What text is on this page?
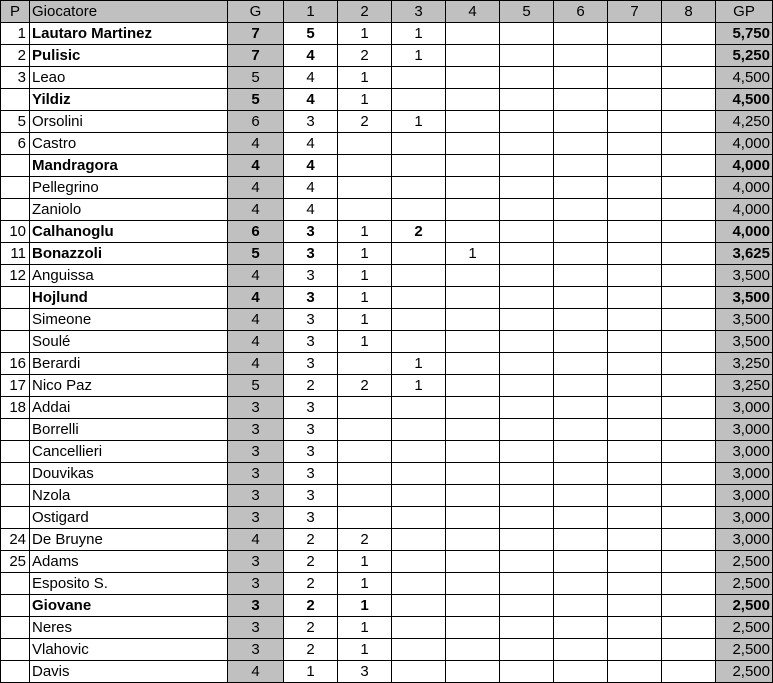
P	Giocatore	G	1	2	3	4	5	6	7	8	GP
1	Lautaro Martinez	7	5	1	1						5,750
2	Pulisic	7	4	2	1						5,250
3	Leao	5	4	1							4,500
	Yildiz	5	4	1							4,500
5	Orsolini	6	3	2	1						4,250
6	Castro	4	4								4,000
	Mandragora	4	4								4,000
	Pellegrino	4	4								4,000
	Zaniolo	4	4								4,000
10	Calhanoglu	6	3	1	2						4,000
11	Bonazzoli	5	3	1		1					3,625
12	Anguissa	4	3	1							3,500
	Hojlund	4	3	1							3,500
	Simeone	4	3	1							3,500
	Soulé	4	3	1							3,500
16	Berardi	4	3		1						3,250
17	Nico Paz	5	2	2	1						3,250
18	Addai	3	3								3,000
	Borrelli	3	3								3,000
	Cancellieri	3	3								3,000
	Douvikas	3	3								3,000
	Nzola	3	3								3,000
	Ostigard	3	3								3,000
24	De Bruyne	4	2	2							3,000
25	Adams	3	2	1							2,500
	Esposito S.	3	2	1							2,500
	Giovane	3	2	1							2,500
	Neres	3	2	1							2,500
	Vlahovic	3	2	1							2,500
	Davis	4	1	3							2,500
